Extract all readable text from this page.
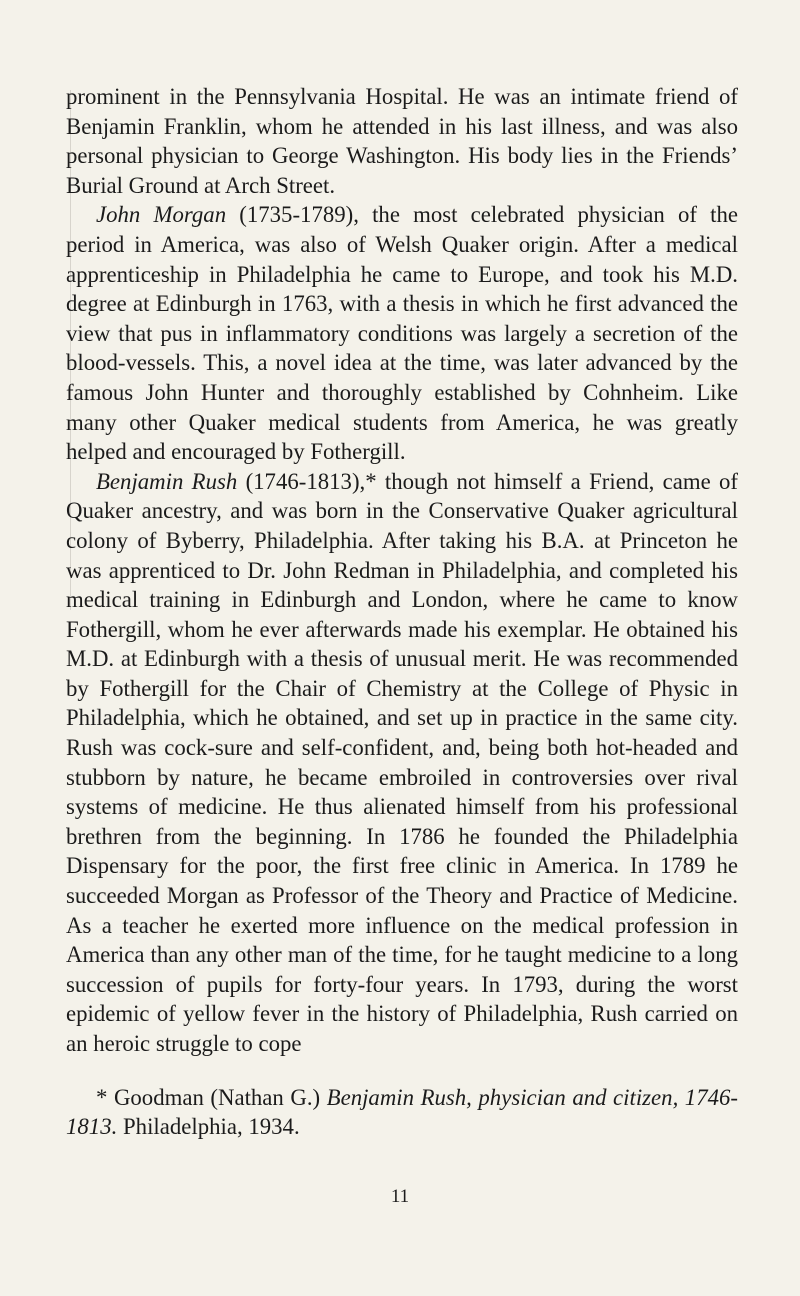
prominent in the Pennsylvania Hospital. He was an intimate friend of Benjamin Franklin, whom he attended in his last illness, and was also personal physician to George Washington. His body lies in the Friends’ Burial Ground at Arch Street.

John Morgan (1735-1789), the most celebrated physician of the period in America, was also of Welsh Quaker origin. After a medical apprenticeship in Philadelphia he came to Europe, and took his M.D. degree at Edinburgh in 1763, with a thesis in which he first advanced the view that pus in inflammatory conditions was largely a secretion of the blood-vessels. This, a novel idea at the time, was later advanced by the famous John Hunter and thoroughly established by Cohnheim. Like many other Quaker medical students from America, he was greatly helped and encouraged by Fothergill.

Benjamin Rush (1746-1813),* though not himself a Friend, came of Quaker ancestry, and was born in the Conservative Quaker agricultural colony of Byberry, Philadelphia. After taking his B.A. at Princeton he was apprenticed to Dr. John Redman in Philadelphia, and completed his medical training in Edinburgh and London, where he came to know Fothergill, whom he ever afterwards made his exemplar. He obtained his M.D. at Edinburgh with a thesis of unusual merit. He was recommended by Fothergill for the Chair of Chemistry at the College of Physic in Philadelphia, which he obtained, and set up in practice in the same city. Rush was cock-sure and self-confident, and, being both hot-headed and stubborn by nature, he became embroiled in controversies over rival systems of medicine. He thus alienated himself from his professional brethren from the beginning. In 1786 he founded the Philadelphia Dispensary for the poor, the first free clinic in America. In 1789 he succeeded Morgan as Professor of the Theory and Practice of Medicine. As a teacher he exerted more influence on the medical profession in America than any other man of the time, for he taught medicine to a long succession of pupils for forty-four years. In 1793, during the worst epidemic of yellow fever in the history of Philadelphia, Rush carried on an heroic struggle to cope

* Goodman (Nathan G.) Benjamin Rush, physician and citizen, 1746-1813. Philadelphia, 1934.

11
